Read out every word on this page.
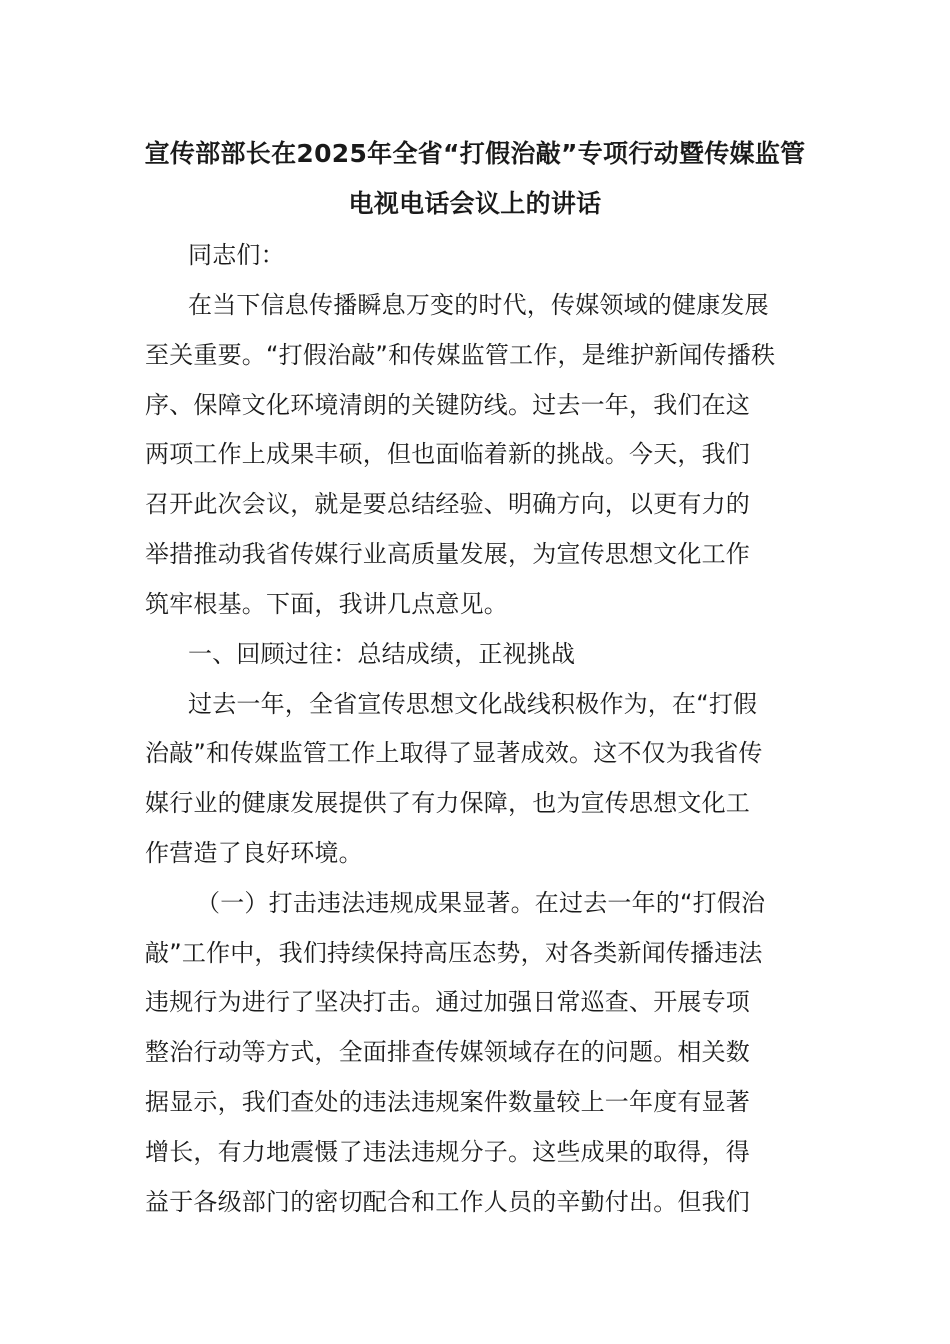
宣传部部长在2025年全省“打假治敲”专项行动暨传媒监管
电视电话会议上的讲话
同志们：
在当下信息传播瞬息万变的时代，传媒领域的健康发展
至关重要。“打假治敲”和传媒监管工作，是维护新闻传播秩
序、保障文化环境清朗的关键防线。过去一年，我们在这
两项工作上成果丰硕，但也面临着新的挑战。今天，我们
召开此次会议，就是要总结经验、明确方向，以更有力的
举措推动我省传媒行业高质量发展，为宣传思想文化工作
筑牢根基。下面，我讲几点意见。
一、回顾过往：总结成绩，正视挑战
过去一年，全省宣传思想文化战线积极作为，在“打假
治敲”和传媒监管工作上取得了显著成效。这不仅为我省传
媒行业的健康发展提供了有力保障，也为宣传思想文化工
作营造了良好环境。
（一）打击违法违规成果显著。在过去一年的“打假治
敲”工作中，我们持续保持高压态势，对各类新闻传播违法
违规行为进行了坚决打击。通过加强日常巡查、开展专项
整治行动等方式，全面排查传媒领域存在的问题。相关数
据显示，我们查处的违法违规案件数量较上一年度有显著
增长，有力地震慑了违法违规分子。这些成果的取得，得
益于各级部门的密切配合和工作人员的辛勤付出。但我们
